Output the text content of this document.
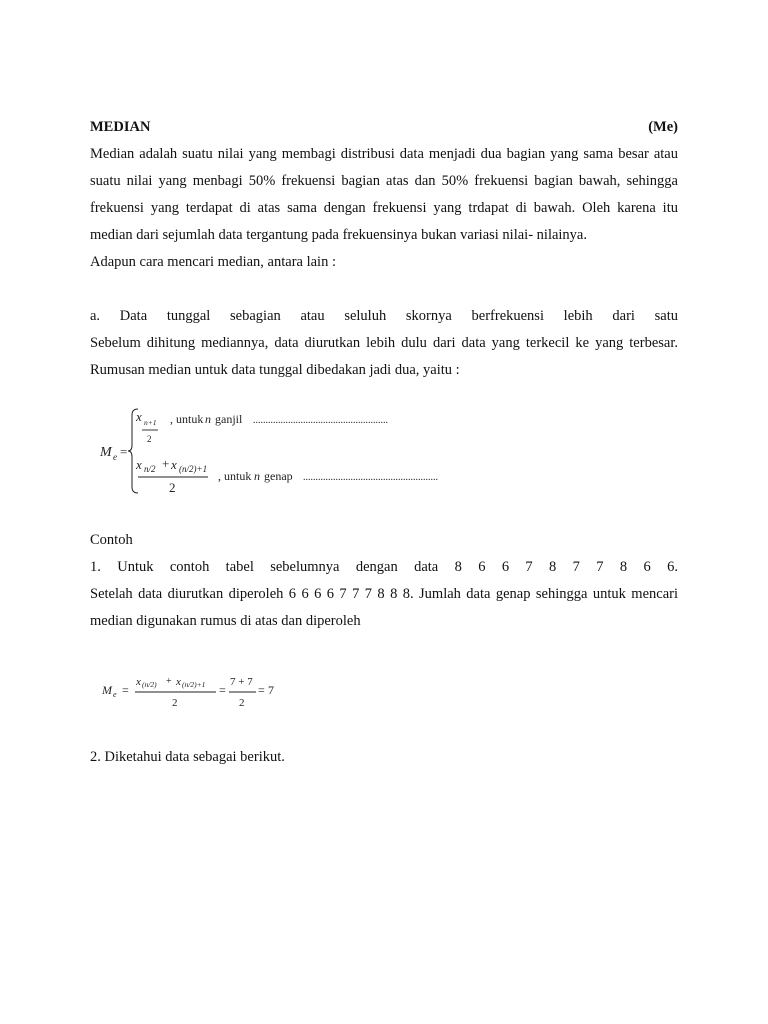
MEDIAN	(Me)

Median adalah suatu nilai yang membagi distribusi data menjadi dua bagian yang sama besar atau suatu nilai yang menbagi 50% frekuensi bagian atas dan 50% frekuensi bagian bawah, sehingga frekuensi yang terdapat di atas sama dengan frekuensi yang trdapat di bawah. Oleh karena itu median dari sejumlah data tergantung pada frekuensinya bukan variasi nilai- nilainya.

Adapun cara mencari median, antara lain :

a. Data tunggal sebagian atau seluluh skornya berfrekuensi lebih dari satu

Sebelum dihitung mediannya, data diurutkan lebih dulu dari data yang terkecil ke yang terbesar. Rumusan median untuk data tunggal dibedakan jadi dua, yaitu :

M e =
x n+1
2
, untuk n ganjil ......................................................
x n/2 + x (n/2)+1
2
, untuk n genap ......................................................

Contoh

1. Untuk contoh tabel sebelumnya dengan data 8 6 6 7 8 7 7 8 6 6.

Setelah data diurutkan diperoleh 6 6 6 6 7 7 7 8 8 8. Jumlah data genap sehingga untuk mencari median digunakan rumus di atas dan diperoleh

M e =
x (n/2) + x (n/2)+1
2
=
7 + 7
2
= 7

2. Diketahui data sebagai berikut.
